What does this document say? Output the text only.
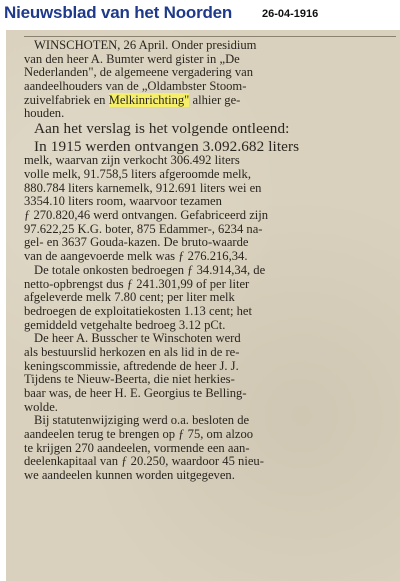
Nieuwsblad van het Noorden	26-04-1916
WINSCHOTEN, 26 April. Onder presidium
van den heer A. Bumter werd gister in „De
Nederlanden", de algemeene vergadering van
aandeelhouders van de „Oldambster Stoom-
zuivelfabriek en Melkinrichting" alhier ge-
houden.
Aan het verslag is het volgende ontleend:
In 1915 werden ontvangen 3.092.682 liters
melk, waarvan zijn verkocht 306.492 liters
volle melk, 91.758,5 liters afgeroomde melk,
880.784 liters karnemelk, 912.691 liters wei en
3354.10 liters room, waarvoor tezamen
ƒ 270.820,46 werd ontvangen. Gefabriceerd zijn
97.622,25 K.G. boter, 875 Edammer-, 6234 na-
gel- en 3637 Gouda-kazen. De bruto-waarde
van de aangevoerde melk was ƒ 276.216,34.
De totale onkosten bedroegen ƒ 34.914,34, de
netto-opbrengst dus ƒ 241.301,99 of per liter
afgeleverde melk 7.80 cent; per liter melk
bedroegen de exploitatiekosten 1.13 cent; het
gemiddeld vetgehalte bedroeg 3.12 pCt.
De heer A. Busscher te Winschoten werd
als bestuurslid herkozen en als lid in de re-
keningscommissie, aftredende de heer J. J.
Tijdens te Nieuw-Beerta, die niet herkies-
baar was, de heer H. E. Georgius te Belling-
wolde.
Bij statutenwijziging werd o.a. besloten de
aandeelen terug te brengen op ƒ 75, om alzoo
te krijgen 270 aandeelen, vormende een aan-
deelenkapitaal van ƒ 20.250, waardoor 45 nieu-
we aandeelen kunnen worden uitgegeven.
